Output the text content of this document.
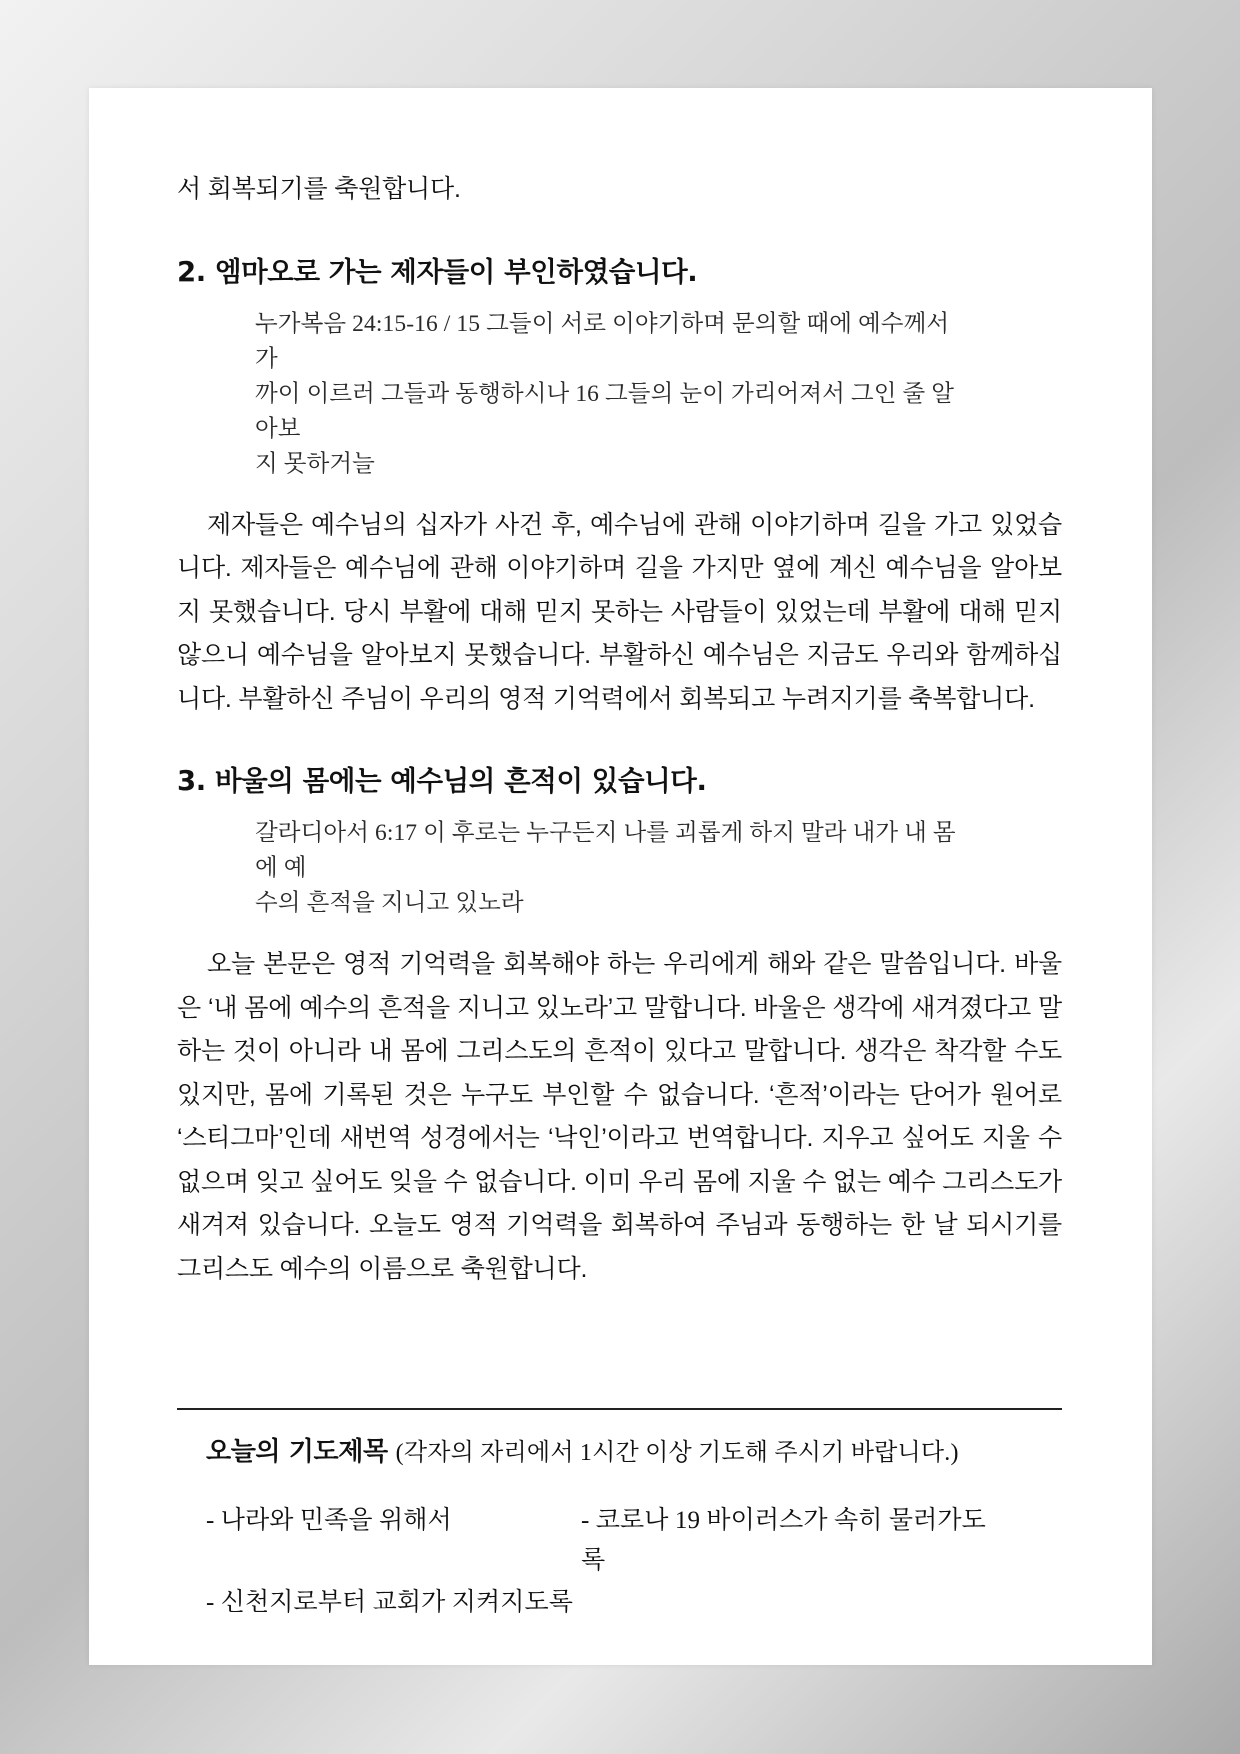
서 회복되기를 축원합니다.

2. 엠마오로 가는 제자들이 부인하였습니다.

누가복음 24:15-16 / 15 그들이 서로 이야기하며 문의할 때에 예수께서 가

까이 이르러 그들과 동행하시나 16 그들의 눈이 가리어져서 그인 줄 알아보

지 못하거늘

제자들은 예수님의 십자가 사건 후, 예수님에 관해 이야기하며 길을 가고 있었습니다. 제자들은 예수님에 관해 이야기하며 길을 가지만 옆에 계신 예수님을 알아보지 못했습니다. 당시 부활에 대해 믿지 못하는 사람들이 있었는데 부활에 대해 믿지 않으니 예수님을 알아보지 못했습니다. 부활하신 예수님은 지금도 우리와 함께하십니다. 부활하신 주님이 우리의 영적 기억력에서 회복되고 누려지기를 축복합니다.

3. 바울의 몸에는 예수님의 흔적이 있습니다.

갈라디아서 6:17 이 후로는 누구든지 나를 괴롭게 하지 말라 내가 내 몸에 예

수의 흔적을 지니고 있노라

오늘 본문은 영적 기억력을 회복해야 하는 우리에게 해와 같은 말씀입니다. 바울은 ‘내 몸에 예수의 흔적을 지니고 있노라’고 말합니다. 바울은 생각에 새겨졌다고 말하는 것이 아니라 내 몸에 그리스도의 흔적이 있다고 말합니다. 생각은 착각할 수도 있지만, 몸에 기록된 것은 누구도 부인할 수 없습니다. ‘흔적’이라는 단어가 원어로 ‘스티그마’인데 새번역 성경에서는 ‘낙인’이라고 번역합니다. 지우고 싶어도 지울 수 없으며 잊고 싶어도 잊을 수 없습니다. 이미 우리 몸에 지울 수 없는 예수 그리스도가 새겨져 있습니다. 오늘도 영적 기억력을 회복하여 주님과 동행하는 한 날 되시기를 그리스도 예수의 이름으로 축원합니다.

오늘의 기도제목 (각자의 자리에서 1시간 이상 기도해 주시기 바랍니다.)
- 나라와 민족을 위해서	- 코로나 19 바이러스가 속히 물러가도록
- 신천지로부터 교회가 지켜지도록
